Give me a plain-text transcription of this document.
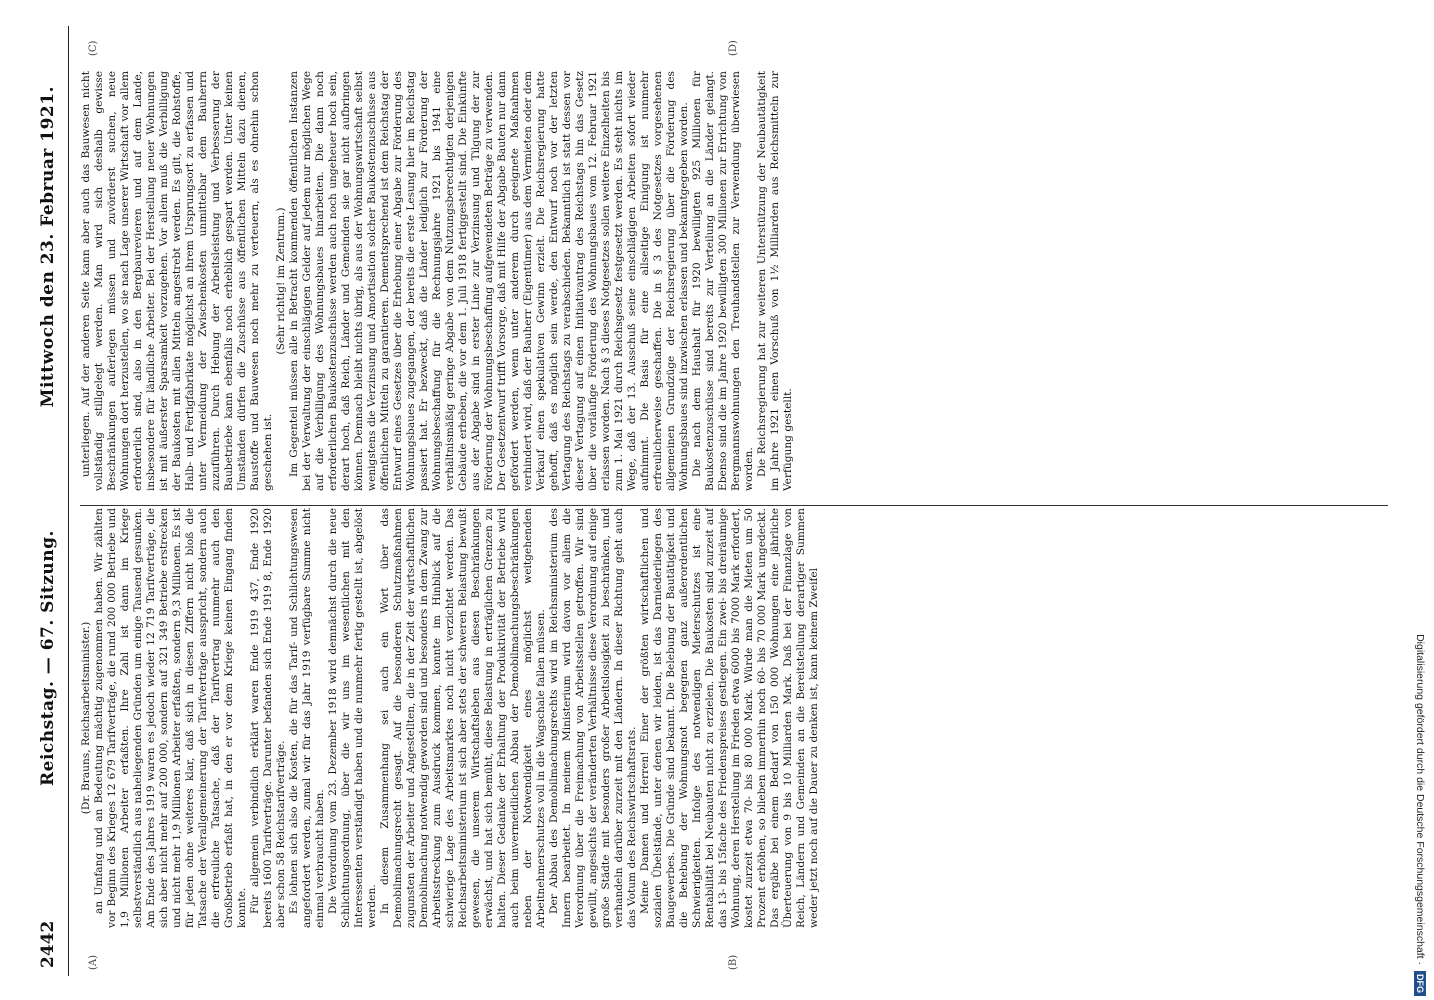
Digitalisierung gefördert durch die Deutsche Forschungsgemeinschaft ·
DFG
2442
Reichstag. — 67. Sitzung.
Mittwoch den 23. Februar 1921.
(A)	(B)
(C)	(D)

(Dr. Brauns, Reichsarbeitsminister.) an Umfang und an Bedeutung mächtig zugenommen haben. Wir zählten vor Beginn des Krieges 12 679 Tarifverträge, die rund 200 000 Betriebe und 1,9 Millionen Arbeiter erfaßten. Ihre Zahl ist dann im Kriege selbstverständlich aus naheliegenden Gründen um einige Tausend gesunken. Am Ende des Jahres 1919 waren es jedoch wieder 12 719 Tarifverträge, die sich aber nicht mehr auf 200 000, sondern auf 321 349 Betriebe erstrecken und nicht mehr 1,9 Millionen Arbeiter erfaßten, sondern 9,3 Millionen. Es ist für jeden ohne weiteres klar, daß sich in diesen Ziffern nicht bloß die Tatsache der Verallgemeinerung der Tarifverträge ausspricht, sondern auch die erfreuliche Tatsache, daß der Tarifvertrag nunmehr auch den Großbetrieb erfaßt hat, in den er vor dem Kriege keinen Eingang finden konnte. Für allgemein verbindlich erklärt waren Ende 1919 437, Ende 1920 bereits 1600 Tarifverträge. Darunter befanden sich Ende 1919 8, Ende 1920 aber schon 58 Reichstarifverträge. Es lohnen sich also die Kosten, die für das Tarif- und Schlichtungswesen angefordert werden, zumal wir für das Jahr 1919 verfügbare Summe nicht einmal verbraucht haben. Die Verordnung vom 23. Dezember 1918 wird demnächst durch die neue Schlichtungsordnung, über die wir uns im wesentlichen mit den Interessenten verständigt haben und die nunmehr fertig gestellt ist, abgelöst werden. In diesem Zusammenhang sei auch ein Wort über das Demobilmachungsrecht gesagt. Auf die besonderen Schutzmaßnahmen zugunsten der Arbeiter und Angestellten, die in der Zeit der wirtschaftlichen Demobilmachung notwendig geworden sind und besonders in dem Zwang zur Arbeitsstreckung zum Ausdruck kommen, konnte im Hinblick auf die schwierige Lage des Arbeitsmarktes noch nicht verzichtet werden. Das Reichsarbeitsministerium ist sich aber stets der schweren Belastung bewußt gewesen, die unserem Wirtschaftsleben aus diesen Beschränkungen erwächst, und hat sich bemüht, diese Belastung in erträglichen Grenzen zu halten. Dieser Gedanke der Erhaltung der Produktivität der Betriebe wird auch beim unvermeidlichen Abbau der Demobilmachungsbeschränkungen neben der Notwendigkeit eines möglichst weitgehenden Arbeitnehmerschutzes voll in die Wagschale fallen müssen. Der Abbau des Demobilmachungsrechts wird im Reichsministerium des Innern bearbeitet. In meinem Ministerium wird davon vor allem die Verordnung über die Freimachung von Arbeitsstellen getroffen. Wir sind gewillt, angesichts der veränderten Verhältnisse diese Verordnung auf einige große Städte mit besonders großer Arbeitslosigkeit zu beschränken, und verhandeln darüber zurzeit mit den Ländern. In dieser Richtung geht auch das Votum des Reichswirtschaftsrats. Meine Damen und Herren! Einer der größten wirtschaftlichen und sozialen Übelstände, unter denen wir leiden, ist das Darniederliegen des Baugewerbes. Die Gründe sind bekannt. Die Belebung der Bautätigkeit und die Behebung der Wohnungsnot begegnen ganz außerordentlichen Schwierigkeiten. Infolge des notwendigen Mieterschutzes ist eine Rentabilität bei Neubauten nicht zu erzielen. Die Baukosten sind zurzeit auf das 13- bis 15fache des Friedenspreises gestiegen. Ein zwei- bis dreiräumige Wohnung, deren Herstellung im Frieden etwa 6000 bis 7000 Mark erfordert, kostet zurzeit etwa 70- bis 80 000 Mark. Würde man die Mieten um 50 Prozent erhöhen, so blieben immerhin noch 60- bis 70 000 Mark ungedeckt. Das ergäbe bei einem Bedarf von 150 000 Wohnungen eine jährliche Überteuerung von 9 bis 10 Milliarden Mark. Daß bei der Finanzlage von Reich, Ländern und Gemeinden an die Bereitstellung derartiger Summen weder jetzt noch auf die Dauer zu denken ist, kann keinem Zweifel

unterliegen. Auf der anderen Seite kann aber auch das Bauwesen nicht vollständig stillgelegt werden. Man wird sich deshalb gewisse Beschränkungen auferlegen müssen und zuvörderst suchen, neue Wohnungen dort herzustellen, wo sie nach Lage unserer Wirtschaft vor allem erforderlich sind, also in den Bergbaurevieren und auf dem Lande, insbesondere für ländliche Arbeiter. Bei der Herstellung neuer Wohnungen ist mit äußerster Sparsamkeit vorzugehen. Vor allem muß die Verbilligung der Baukosten mit allen Mitteln angestrebt werden. Es gilt, die Rohstoffe, Halb- und Fertigfabrikate möglichst an ihrem Ursprungsort zu erfassen und unter Vermeidung der Zwischenkosten unmittelbar dem Bauherrn zuzuführen. Durch Hebung der Arbeitsleistung und Verbesserung der Baubetriebe kann ebenfalls noch erheblich gespart werden. Unter keinen Umständen dürfen die Zuschüsse aus öffentlichen Mitteln dazu dienen, Baustoffe und Bauwesen noch mehr zu verteuern, als es ohnehin schon geschehen ist.

(Sehr richtig! im Zentrum.) Im Gegenteil müssen alle in Betracht kommenden öffentlichen Instanzen bei der Verwaltung der einschlägigen Gelder auf jedem nur möglichen Wege auf die Verbilligung des Wohnungsbaues hinarbeiten. Die dann noch erforderlichen Baukostenzuschüsse werden auch noch ungeheuer hoch sein, derart hoch, daß Reich, Länder und Gemeinden sie gar nicht aufbringen können. Demnach bleibt nichts übrig, als aus der Wohnungswirtschaft selbst wenigstens die Verzinsung und Amortisation solcher Baukostenzuschüsse aus öffentlichen Mitteln zu garantieren. Dementsprechend ist dem Reichstag der Entwurf eines Gesetzes über die Erhebung einer Abgabe zur Förderung des Wohnungsbaues zugegangen, der bereits die erste Lesung hier im Reichstag passiert hat. Er bezweckt, daß die Länder lediglich zur Förderung der Wohnungsbeschaffung für die Rechnungsjahre 1921 bis 1941 eine verhältnismäßig geringe Abgabe von dem Nutzungsberechtigten derjenigen Gebäude erheben, die vor dem 1. Juli 1918 fertiggestellt sind. Die Einkünfte aus der Abgabe sind in erster Linie zur Verzinsung und Tilgung der zur Förderung der Wohnungsbeschaffung aufgewendeten Beträge zu verwenden. Der Gesetzentwurf trifft Vorsorge, daß mit Hilfe der Abgabe Bauten nur dann gefördert werden, wenn unter anderem durch geeignete Maßnahmen verhindert wird, daß der Bauherr (Eigentümer) aus dem Vermieten oder dem Verkauf einen spekulativen Gewinn erzielt. Die Reichsregierung hatte gehofft, daß es möglich sein werde, den Entwurf noch vor der letzten Vertagung des Reichstags zu verabschieden. Bekanntlich ist statt dessen vor dieser Vertagung auf einen Initiativantrag des Reichstags hin das Gesetz über die vorläufige Förderung des Wohnungsbaues vom 12. Februar 1921 erlassen worden. Nach § 3 dieses Notgesetzes sollen weitere Einzelheiten bis zum 1. Mai 1921 durch Reichsgesetz festgesetzt werden. Es steht nichts im Wege, daß der 13. Ausschuß seine einschlägigen Arbeiten sofort wieder aufnimmt. Die Basis für eine allseitige Einigung ist nunmehr erfreulicherweise geschaffen. Die in § 3 des Notgesetzes vorgesehenen allgemeinen Grundzüge der Reichsregierung über die Förderung des Wohnungsbaues sind inzwischen erlassen und bekanntgegeben worden. Die nach dem Haushalt für 1920 bewilligten 925 Millionen für Baukostenzuschüsse sind bereits zur Verteilung an die Länder gelangt. Ebenso sind die im Jahre 1920 bewilligten 300 Millionen zur Errichtung von Bergmannswohnungen den Treuhandstellen zur Verwendung überwiesen worden. Die Reichsregierung hat zur weiteren Unterstützung der Neubautätigkeit im Jahre 1921 einen Vorschuß von 1½ Milliarden aus Reichsmitteln zur Verfügung gestellt.
